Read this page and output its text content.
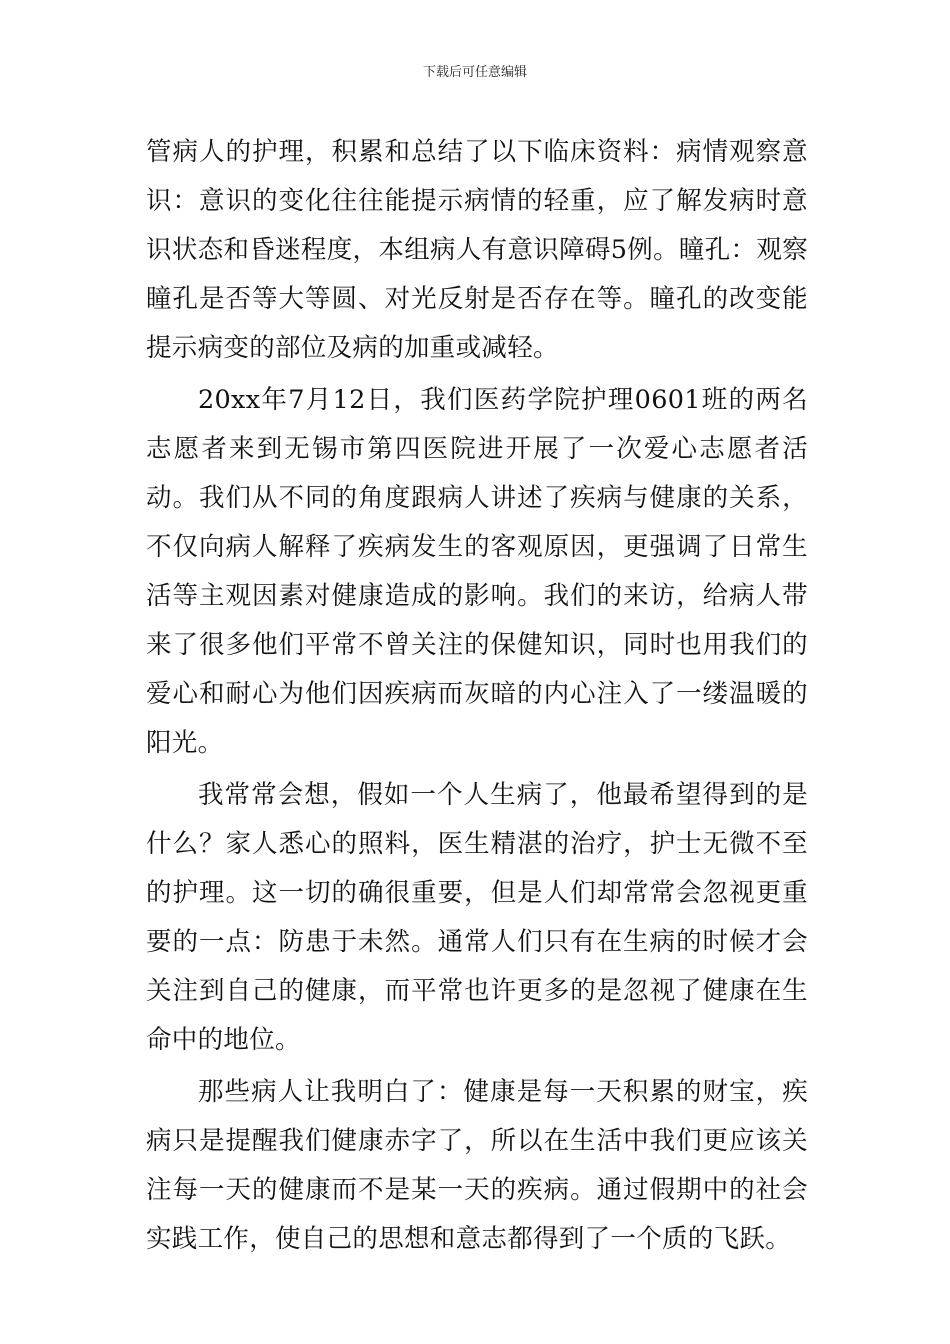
下载后可任意编辑

管病人的护理，积累和总结了以下临床资料：病情观察意识：意识的变化往往能提示病情的轻重，应了解发病时意识状态和昏迷程度，本组病人有意识障碍5例。瞳孔：观察瞳孔是否等大等圆、对光反射是否存在等。瞳孔的改变能提示病变的部位及病的加重或减轻。

20xx年7月12日，我们医药学院护理0601班的两名志愿者来到无锡市第四医院进开展了一次爱心志愿者活动。我们从不同的角度跟病人讲述了疾病与健康的关系，不仅向病人解释了疾病发生的客观原因，更强调了日常生活等主观因素对健康造成的影响。我们的来访，给病人带来了很多他们平常不曾关注的保健知识，同时也用我们的爱心和耐心为他们因疾病而灰暗的内心注入了一缕温暖的阳光。

我常常会想，假如一个人生病了，他最希望得到的是什么？家人悉心的照料，医生精湛的治疗，护士无微不至的护理。这一切的确很重要，但是人们却常常会忽视更重要的一点：防患于未然。通常人们只有在生病的时候才会关注到自己的健康，而平常也许更多的是忽视了健康在生命中的地位。

那些病人让我明白了：健康是每一天积累的财宝，疾病只是提醒我们健康赤字了，所以在生活中我们更应该关注每一天的健康而不是某一天的疾病。通过假期中的社会实践工作，使自己的思想和意志都得到了一个质的飞跃。
